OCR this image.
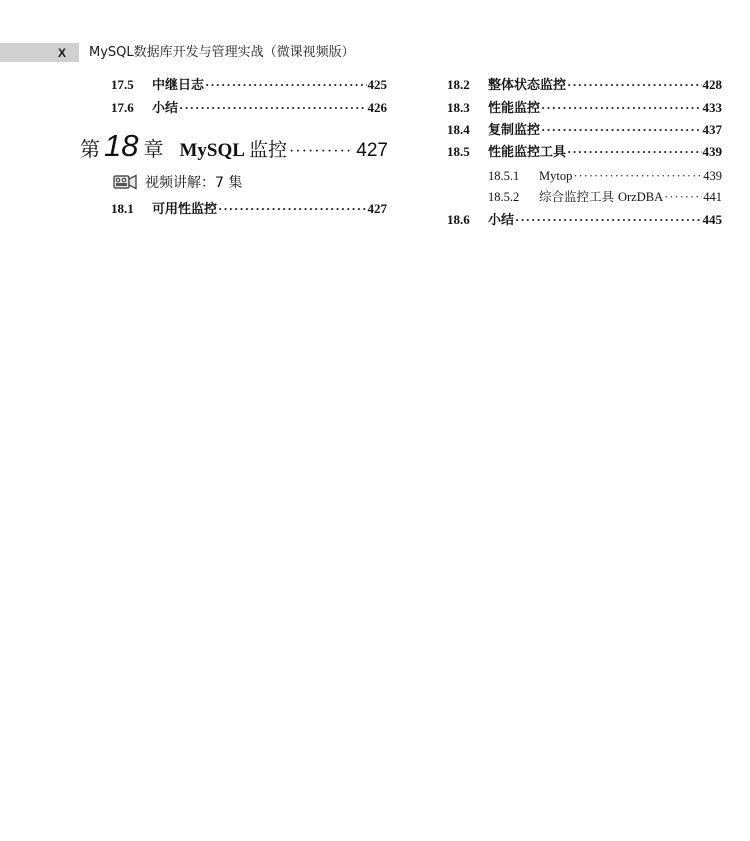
X MySQL数据库开发与管理实战（微课视频版）
17.5	中继日志 ·····	425
17.6	小结 ·····	426
第 18 章 MySQL 监控 ·····	427
视频讲解：7 集
18.1	可用性监控 ·····	427
18.2	整体状态监控 ·····	428
18.3	性能监控 ·····	433
18.4	复制监控 ·····	437
18.5	性能监控工具 ·····	439
18.5.1	Mytop ·····	439
18.5.2	综合监控工具 OrzDBA ·····	441
18.6	小结 ·····	445
